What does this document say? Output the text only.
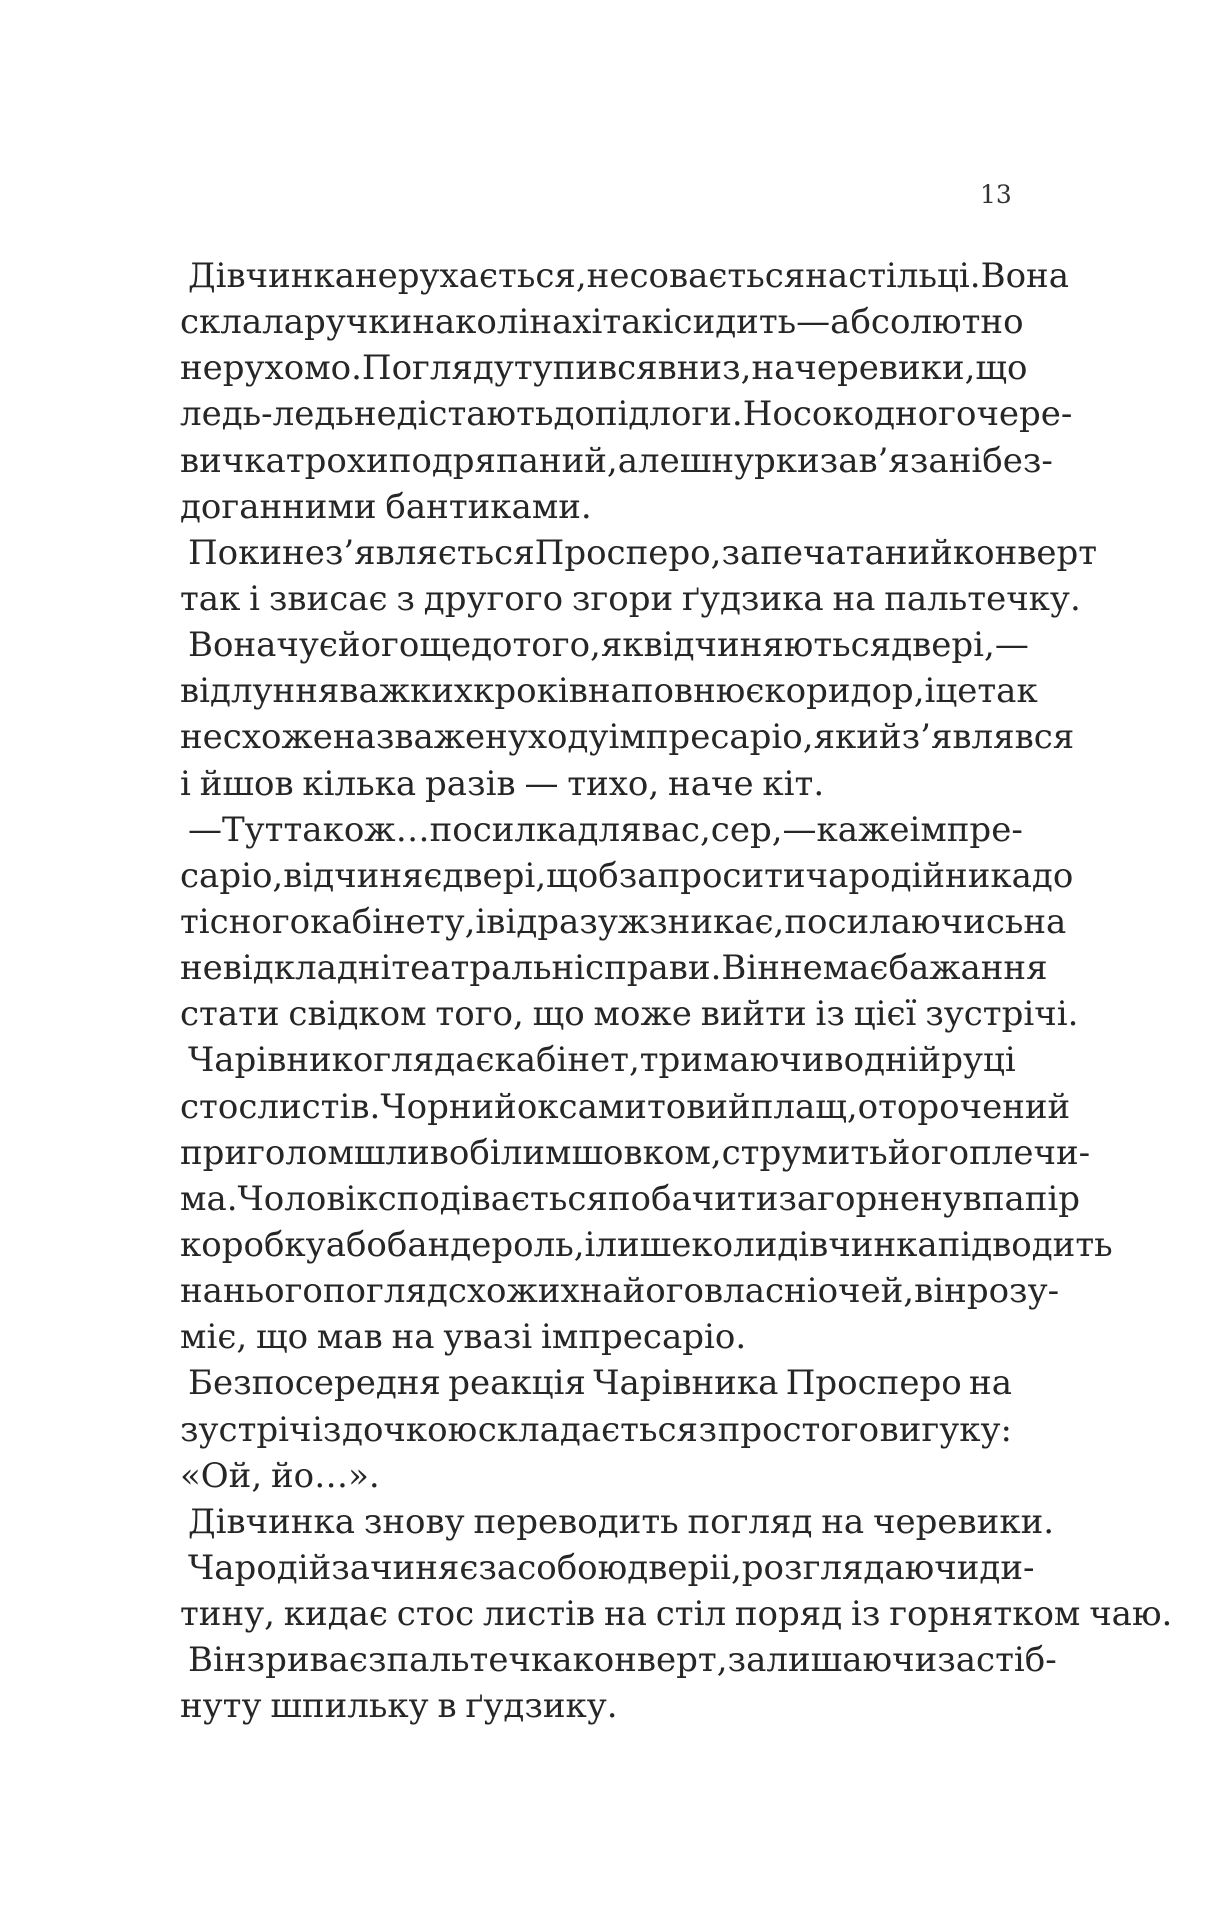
13
Дівчинка не рухається, не совається на стільці. Вона
склала ручки на колінах і так і сидить — абсолютно
нерухомо. Погляд утупився вниз, на черевики, що
ледь-ледь не дістають до підлоги. Носок одного чере-
вичка трохи подряпаний, але шнурки зав’язані без-
доганними бантиками.
Поки не з’являється Просперо, запечатаний конверт
так і звисає з другого згори ґудзика на пальтечку.
Вона чує його ще до того, як відчиняються двері, —
відлуння важких кроків наповнює коридор, і це так
не схоже на зважену ходу імпресаріо, який з’являвся
і йшов кілька разів — тихо, наче кіт.
— Тут також… посилка для вас, сер, — каже імпре-
саріо, відчиняє двері, щоб запросити чародійника до
тісного кабінету, і відразу ж зникає, посилаючись на
невідкладні театральні справи. Він не має бажання
стати свідком того, що може вийти із цієї зустрічі.
Чарівник оглядає кабінет, тримаючи в одній руці
стос листів. Чорний оксамитовий плащ, оторочений
приголомшливо білим шовком, струмить його плечи-
ма. Чоловік сподівається побачити загорнену в папір
коробку або бандероль, і лише коли дівчинка підводить
на нього погляд схожих на його власні очей, він розу-
міє, що мав на увазі імпресаріо.
Безпосередня реакція Чарівника Просперо на
зустріч із дочкою складається з простого вигуку:
«Ой, йо…».
Дівчинка знову переводить погляд на черевики.
Чародій зачиняє за собою двері і, розглядаючи ди-
тину, кидає стос листів на стіл поряд із горнятком чаю.
Він зриває з пальтечка конверт, залишаючи застіб-
нуту шпильку в ґудзику.
